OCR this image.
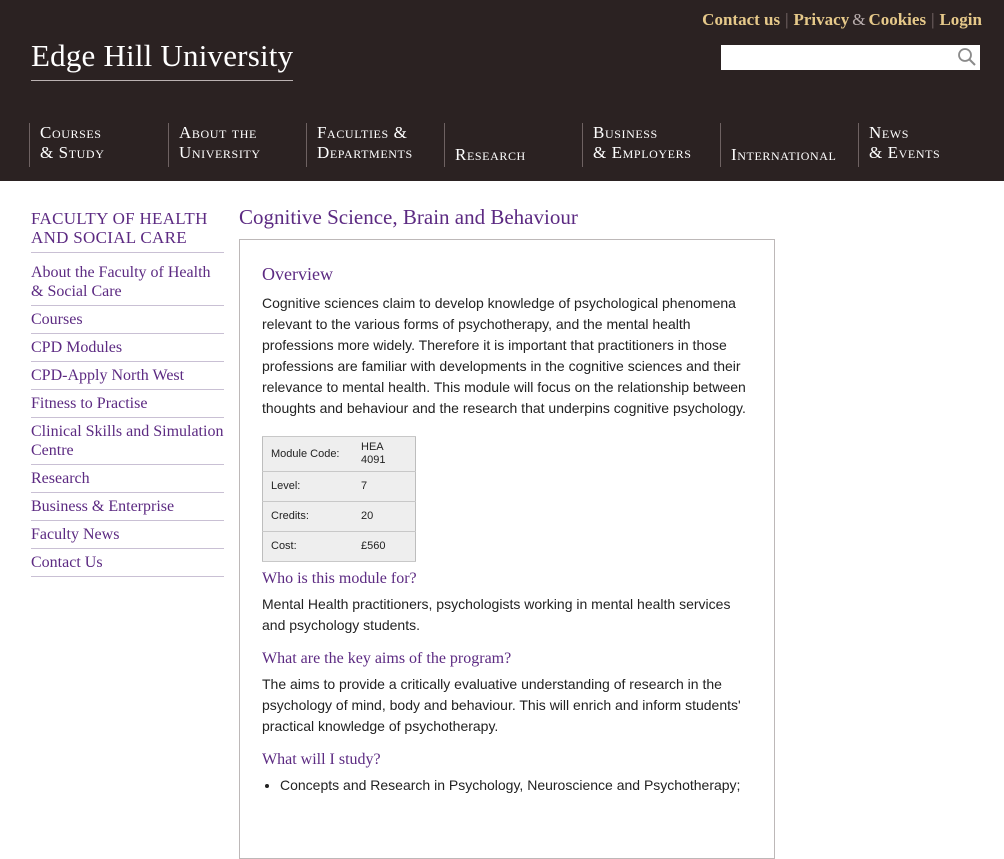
Edge Hill University
Contact us | Privacy & Cookies | Login
Courses
& Study
About the
University
Faculties &
Departments	Research
Business
& Employers	International
News
& Events
FACULTY OF HEALTH AND SOCIAL CARE
About the Faculty of Health & Social Care
Courses
CPD Modules
CPD-Apply North West
Fitness to Practise
Clinical Skills and Simulation Centre
Research
Business & Enterprise
Faculty News
Contact Us
Cognitive Science, Brain and Behaviour
Overview

Cognitive sciences claim to develop knowledge of psychological phenomena relevant to the various forms of psychotherapy, and the mental health professions more widely. Therefore it is important that practitioners in those professions are familiar with developments in the cognitive sciences and their relevance to mental health. This module will focus on the relationship between thoughts and behaviour and the research that underpins cognitive psychology.

Module Code:	HEA 4091
Level:	7
Credits:	20
Cost:	£560
Who is this module for?

Mental Health practitioners, psychologists working in mental health services and psychology students.

What are the key aims of the program?

The aims to provide a critically evaluative understanding of research in the psychology of mind, body and behaviour. This will enrich and inform students' practical knowledge of psychotherapy.

What will I study?
• Concepts and Research in Psychology, Neuroscience and Psychotherapy;
